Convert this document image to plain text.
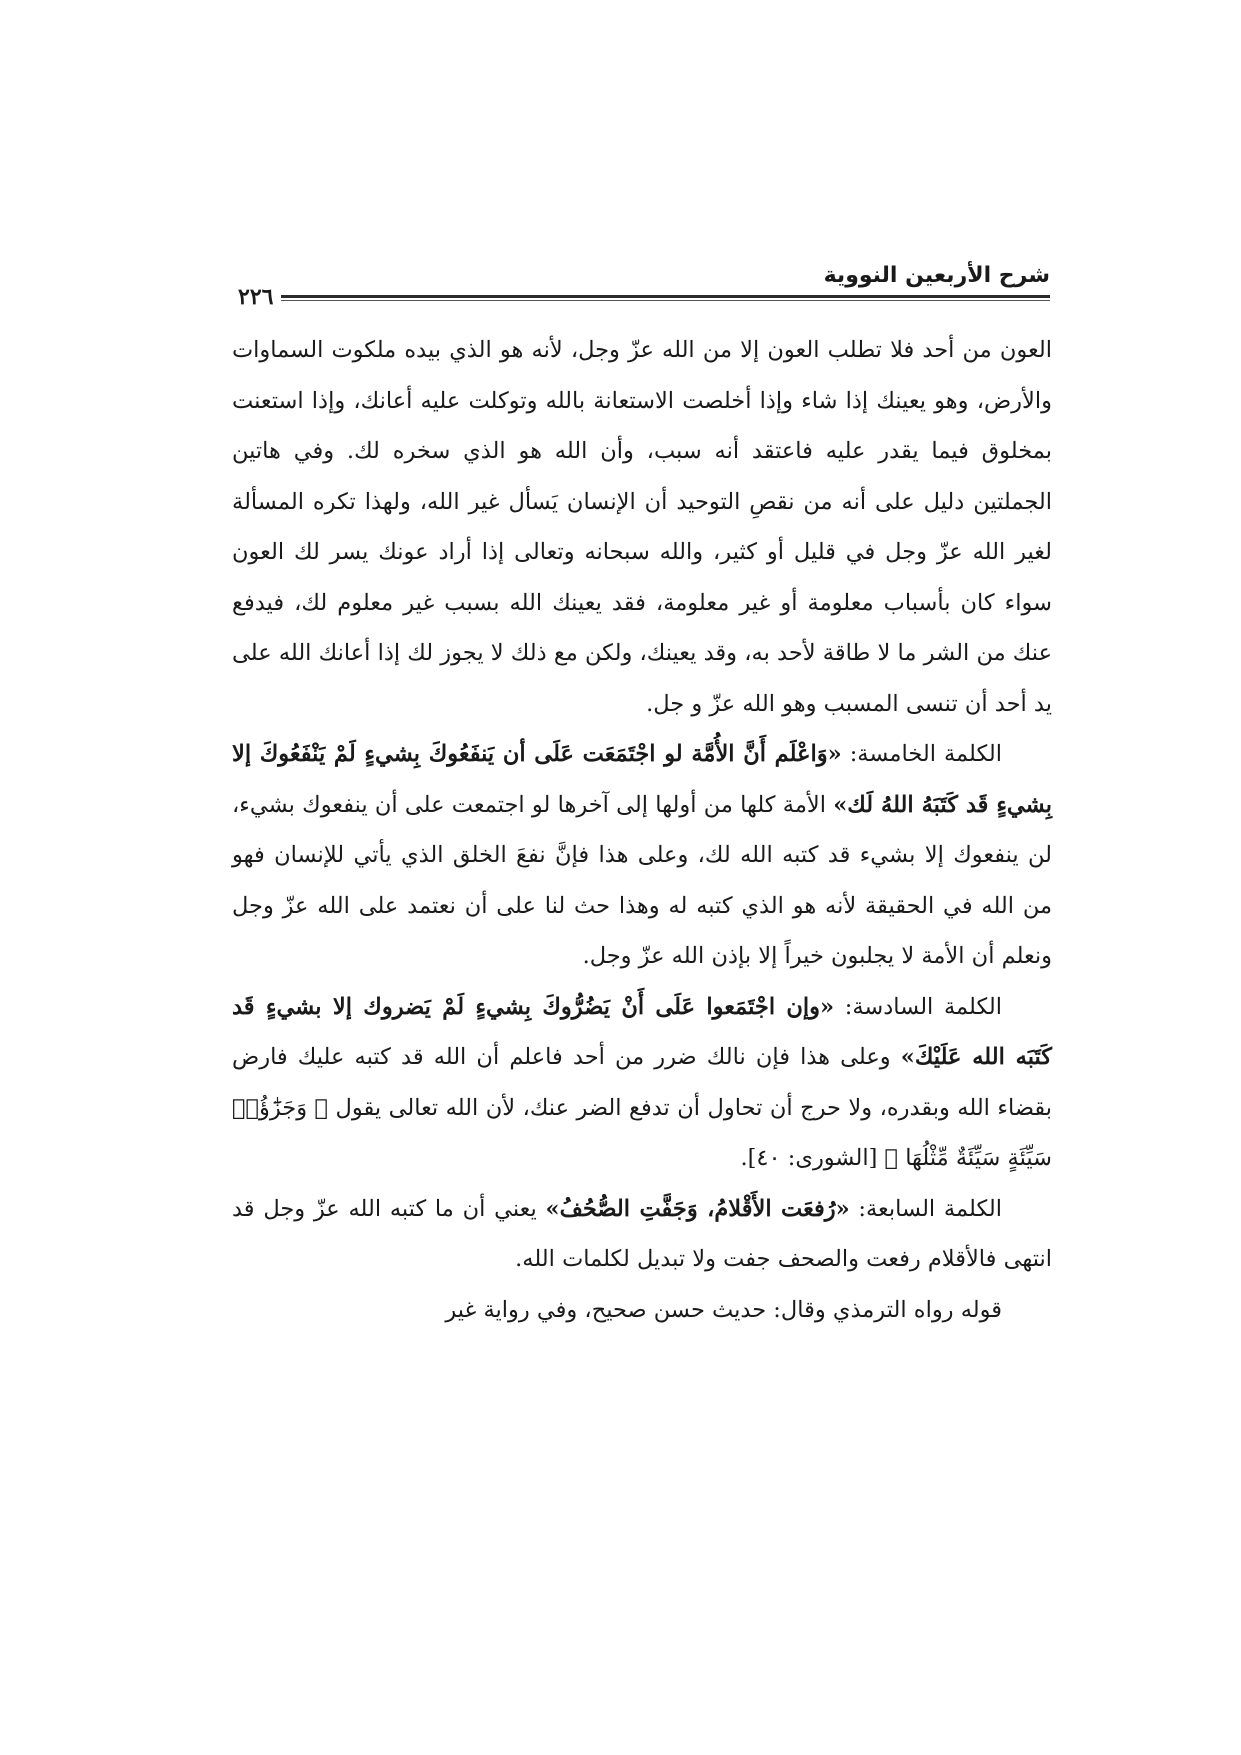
شرح الأربعين النووية
٢٢٦

العون من أحد فلا تطلب العون إلا من الله عزّ وجل، لأنه هو الذي بيده ملكوت السماوات والأرض، وهو يعينك إذا شاء وإذا أخلصت الاستعانة بالله وتوكلت عليه أعانك، وإذا استعنت بمخلوق فيما يقدر عليه فاعتقد أنه سبب، وأن الله هو الذي سخره لك. وفي هاتين الجملتين دليل على أنه من نقصِ التوحيد أن الإنسان يَسأل غير الله، ولهذا تكره المسألة لغير الله عزّ وجل في قليل أو كثير، والله سبحانه وتعالى إذا أراد عونك يسر لك العون سواء كان بأسباب معلومة أو غير معلومة، فقد يعينك الله بسبب غير معلوم لك، فيدفع عنك من الشر ما لا طاقة لأحد به، وقد يعينك، ولكن مع ذلك لا يجوز لك إذا أعانك الله على يد أحد أن تنسى المسبب وهو الله عزّ و جل.

الكلمة الخامسة: «وَاعْلَم أَنَّ الأُمَّة لو اجْتَمَعَت عَلَى أن يَنفَعُوكَ بِشيءٍ لَمْ يَنْفَعُوكَ إلا بِشيءٍ قَد كَتَبَهُ اللهُ لَك» الأمة كلها من أولها إلى آخرها لو اجتمعت على أن ينفعوك بشيء، لن ينفعوك إلا بشيء قد كتبه الله لك، وعلى هذا فإنَّ نفعَ الخلق الذي يأتي للإنسان فهو من الله في الحقيقة لأنه هو الذي كتبه له وهذا حث لنا على أن نعتمد على الله عزّ وجل ونعلم أن الأمة لا يجلبون خيراً إلا بإذن الله عزّ وجل.

الكلمة السادسة: «وإن اجْتَمَعوا عَلَى أَنْ يَضُرُّوكَ بِشيءٍ لَمْ يَضروك إلا بشيءٍ قَد كَتَبَه الله عَلَيْكَ» وعلى هذا فإن نالك ضرر من أحد فاعلم أن الله قد كتبه عليك فارض بقضاء الله وبقدره، ولا حرج أن تحاول أن تدفع الضر عنك، لأن الله تعالى يقول ﴿ وَجَزَٰٓؤُا۟ سَيِّئَةٍ سَيِّئَةٌ مِّثْلُهَا ﴾ [الشورى: ٤٠].

الكلمة السابعة: «رُفعَت الأَقْلامُ، وَجَفَّتِ الصُّحُفُ» يعني أن ما كتبه الله عزّ وجل قد انتهى فالأقلام رفعت والصحف جفت ولا تبديل لكلمات الله.

قوله رواه الترمذي وقال: حديث حسن صحيح، وفي رواية غير
